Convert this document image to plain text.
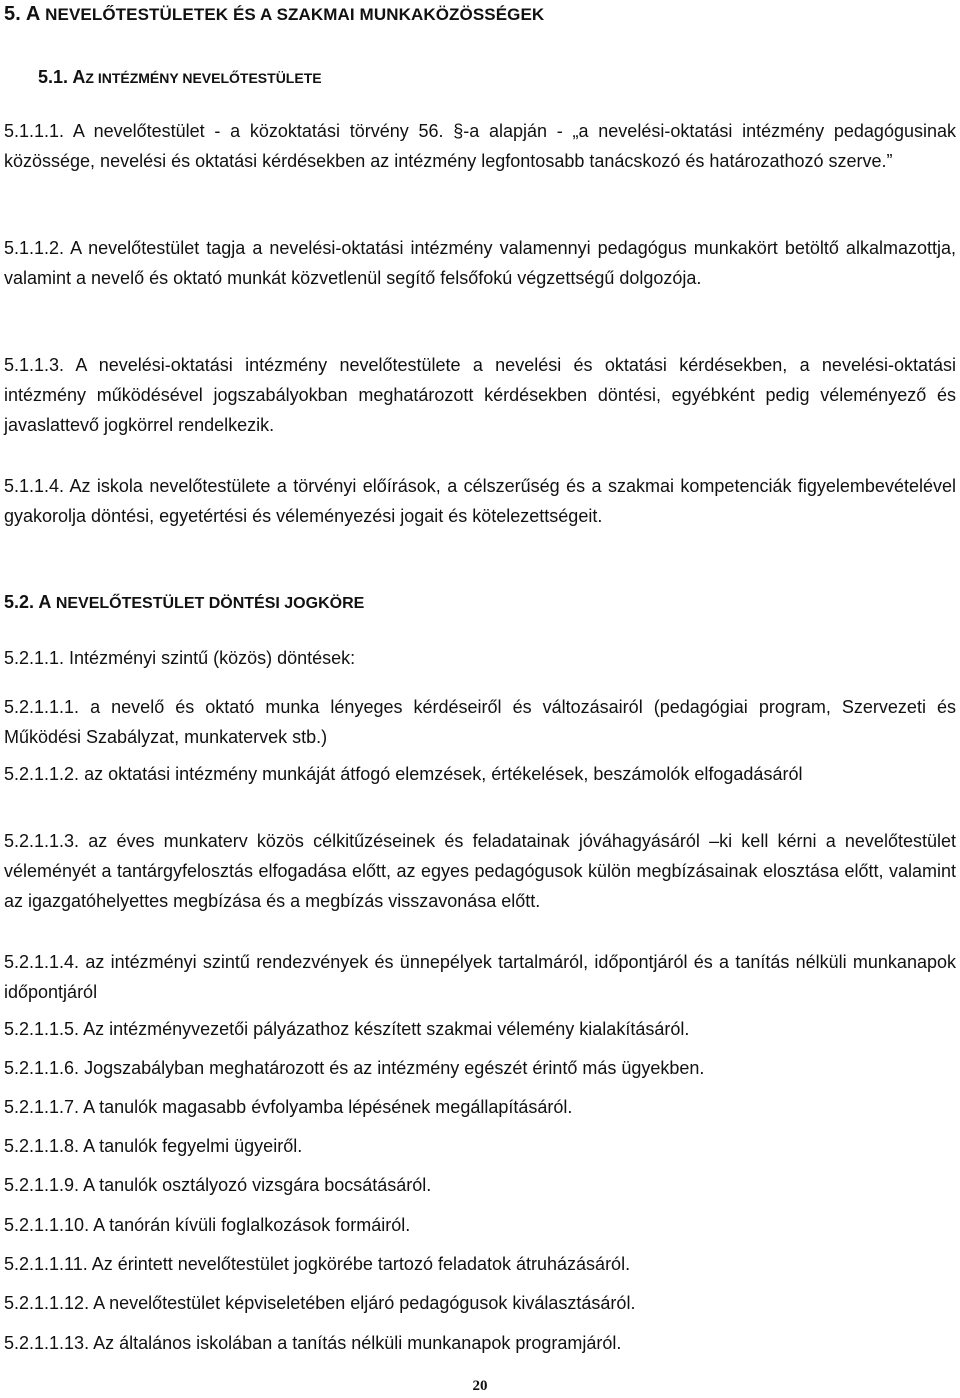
5. A NEVELŐTESTÜLETEK ÉS A SZAKMAI MUNKAKÖZÖSSÉGEK
5.1. AZ INTÉZMÉNY NEVELŐTESTÜLETE

5.1.1.1. A nevelőtestület - a közoktatási törvény 56. §-a alapján - „a nevelési-oktatási intézmény pedagógusinak közössége, nevelési és oktatási kérdésekben az intézmény legfontosabb tanácskozó és határozathozó szerve.”

5.1.1.2. A nevelőtestület tagja a nevelési-oktatási intézmény valamennyi pedagógus munkakört betöltő alkalmazottja, valamint a nevelő és oktató munkát közvetlenül segítő felsőfokú végzettségű dolgozója.

5.1.1.3. A nevelési-oktatási intézmény nevelőtestülete a nevelési és oktatási kérdésekben, a nevelési-oktatási intézmény működésével jogszabályokban meghatározott kérdésekben döntési, egyébként pedig véleményező és javaslattevő jogkörrel rendelkezik.

5.1.1.4. Az iskola nevelőtestülete a törvényi előírások, a célszerűség és a szakmai kompetenciák figyelembevételével gyakorolja döntési, egyetértési és véleményezési jogait és kötelezettségeit.

5.2. A NEVELŐTESTÜLET DÖNTÉSI JOGKÖRE

5.2.1.1. Intézményi szintű (közös) döntések:

5.2.1.1.1. a nevelő és oktató munka lényeges kérdéseiről és változásairól (pedagógiai program, Szervezeti és Működési Szabályzat, munkatervek stb.)

5.2.1.1.2. az oktatási intézmény munkáját átfogó elemzések, értékelések, beszámolók elfogadásáról

5.2.1.1.3. az éves munkaterv közös célkitűzéseinek és feladatainak jóváhagyásáról –ki kell kérni a nevelőtestület véleményét a tantárgyfelosztás elfogadása előtt, az egyes pedagógusok külön megbízásainak elosztása előtt, valamint az igazgatóhelyettes megbízása és a megbízás visszavonása előtt.

5.2.1.1.4. az intézményi szintű rendezvények és ünnepélyek tartalmáról, időpontjáról és a tanítás nélküli munkanapok időpontjáról

5.2.1.1.5. Az intézményvezetői pályázathoz készített szakmai vélemény kialakításáról.

5.2.1.1.6. Jogszabályban meghatározott és az intézmény egészét érintő más ügyekben.

5.2.1.1.7. A tanulók magasabb évfolyamba lépésének megállapításáról.

5.2.1.1.8. A tanulók fegyelmi ügyeiről.

5.2.1.1.9. A tanulók osztályozó vizsgára bocsátásáról.

5.2.1.1.10. A tanórán kívüli foglalkozások formáiról.

5.2.1.1.11. Az érintett nevelőtestület jogkörébe tartozó feladatok átruházásáról.

5.2.1.1.12. A nevelőtestület képviseletében eljáró pedagógusok kiválasztásáról.

5.2.1.1.13. Az általános iskolában a tanítás nélküli munkanapok programjáról.

20
